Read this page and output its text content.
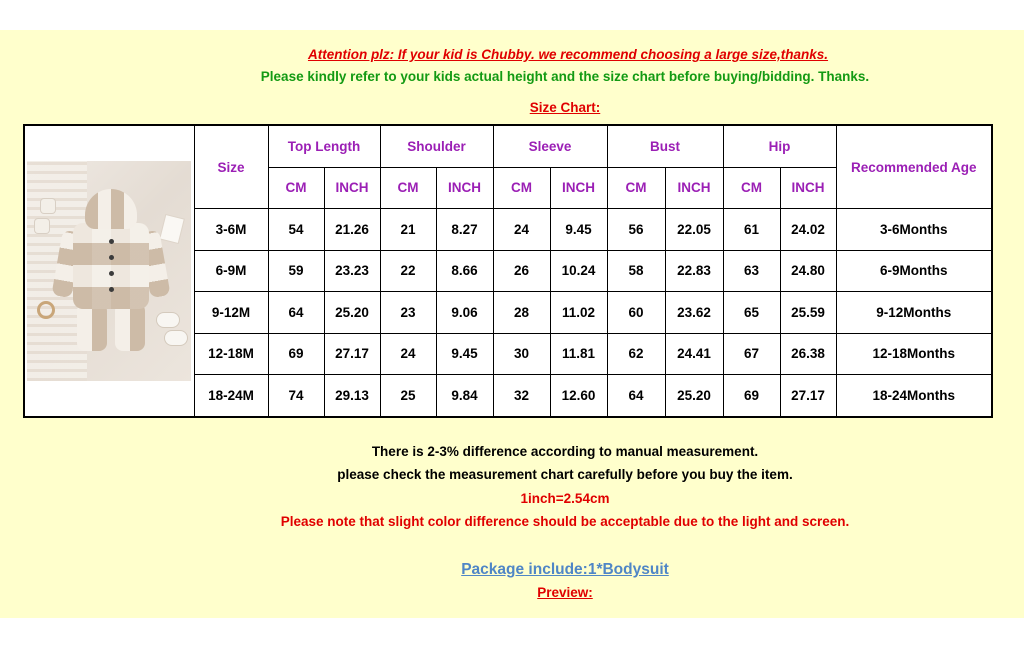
Attention plz: If your kid is Chubby. we recommend choosing a large size,thanks.
Please kindly refer to your kids actual height and the size chart before buying/bidding. Thanks.
Size Chart:
	Size	Top Length		Shoulder		Sleeve		Bust		Hip		Recommended Age
		CM	INCH	CM	INCH	CM	INCH	CM	INCH	CM	INCH	
	3-6M	54	21.26	21	8.27	24	9.45	56	22.05	61	24.02	3-6Months
	6-9M	59	23.23	22	8.66	26	10.24	58	22.83	63	24.80	6-9Months
	9-12M	64	25.20	23	9.06	28	11.02	60	23.62	65	25.59	9-12Months
	12-18M	69	27.17	24	9.45	30	11.81	62	24.41	67	26.38	12-18Months
	18-24M	74	29.13	25	9.84	32	12.60	64	25.20	69	27.17	18-24Months
There is 2-3% difference according to manual measurement.
please check the measurement chart carefully before you buy the item.
1inch=2.54cm
Please note that slight color difference should be acceptable due to the light and screen.
Package include:1*Bodysuit
Preview:
